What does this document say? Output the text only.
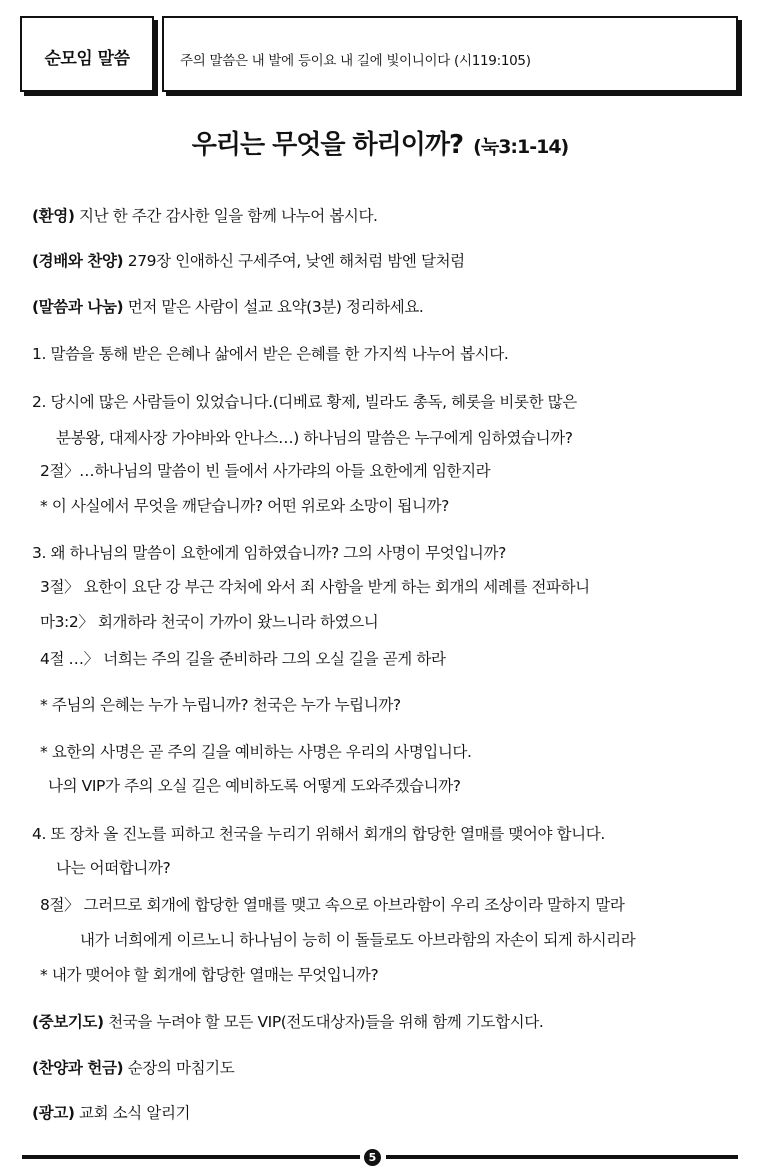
순모임 말씀	주의 말씀은 내 발에 등이요 내 길에 빛이니이다 (시119:105)
우리는 무엇을 하리이까? (눅3:1-14)
(환영) 지난 한 주간 감사한 일을 함께 나누어 봅시다.
(경배와 찬양) 279장 인애하신 구세주여, 낮엔 해처럼 밤엔 달처럼
(말씀과 나눔) 먼저 맡은 사람이 설교 요약(3분) 정리하세요.
1. 말씀을 통해 받은 은혜나 삶에서 받은 은혜를 한 가지씩 나누어 봅시다.
2. 당시에 많은 사람들이 있었습니다.(디베료 황제, 빌라도 총독, 헤롯을 비롯한 많은
분봉왕, 대제사장 가야바와 안나스…) 하나님의 말씀은 누구에게 임하였습니까?
2절〉…하나님의 말씀이 빈 들에서 사가랴의 아들 요한에게 임한지라
* 이 사실에서 무엇을 깨닫습니까? 어떤 위로와 소망이 됩니까?
3. 왜 하나님의 말씀이 요한에게 임하였습니까? 그의 사명이 무엇입니까?
3절〉 요한이 요단 강 부근 각처에 와서 죄 사함을 받게 하는 회개의 세례를 전파하니
마3:2〉 회개하라 천국이 가까이 왔느니라 하였으니
4절 …〉 너희는 주의 길을 준비하라 그의 오실 길을 곧게 하라
* 주님의 은혜는 누가 누립니까? 천국은 누가 누립니까?
* 요한의 사명은 곧 주의 길을 예비하는 사명은 우리의 사명입니다.
나의 VIP가 주의 오실 길은 예비하도록 어떻게 도와주겠습니까?
4. 또 장차 올 진노를 피하고 천국을 누리기 위해서 회개의 합당한 열매를 맺어야 합니다.
나는 어떠합니까?
8절〉 그러므로 회개에 합당한 열매를 맺고 속으로 아브라함이 우리 조상이라 말하지 말라
내가 너희에게 이르노니 하나님이 능히 이 돌들로도 아브라함의 자손이 되게 하시리라
* 내가 맺어야 할 회개에 합당한 열매는 무엇입니까?
(중보기도) 천국을 누려야 할 모든 VIP(전도대상자)들을 위해 함께 기도합시다.
(찬양과 헌금) 순장의 마침기도
(광고) 교회 소식 알리기
5
